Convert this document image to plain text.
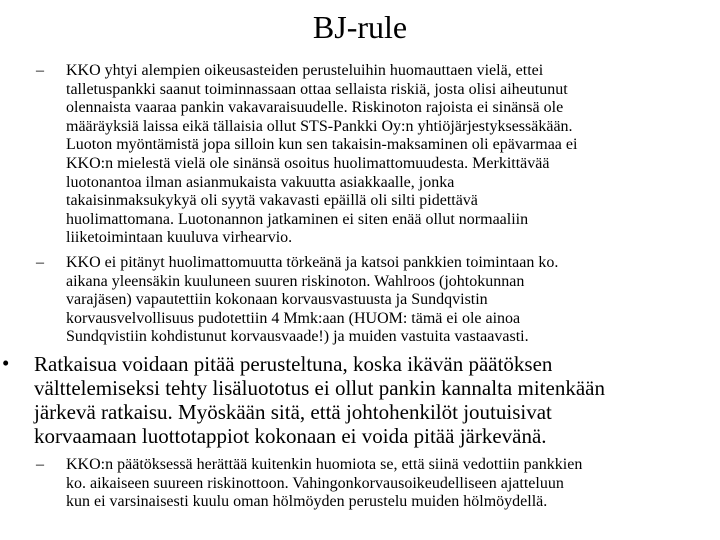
BJ-rule
– KKO yhtyi alempien oikeusasteiden perusteluihin huomauttaen vielä, ettei
talletuspankki saanut toiminnassaan ottaa sellaista riskiä, josta olisi aiheutunut
olennaista vaaraa pankin vakavaraisuudelle. Riskinoton rajoista ei sinänsä ole
määräyksiä laissa eikä tällaisia ollut STS‑Pankki Oy:n yhtiöjärjestyksessäkään.
Luoton myöntämistä jopa silloin kun sen takaisin-maksaminen oli epävarmaa ei
KKO:n mielestä vielä ole sinänsä osoitus huolimattomuudesta. Merkittävää
luotonantoa ilman asianmukaista vakuutta asiakkaalle, jonka
takaisinmaksukykyä oli syytä vakavasti epäillä oli silti pidettävä
huolimattomana. Luotonannon jatkaminen ei siten enää ollut normaaliin
liiketoimintaan kuuluva virhearvio.
– KKO ei pitänyt huolimattomuutta törkeänä ja katsoi pankkien toimintaan ko.
aikana yleensäkin kuuluneen suuren riskinoton. Wahlroos (johtokunnan
varajäsen) vapautettiin kokonaan korvausvastuusta ja Sundqvistin
korvausvelvollisuus pudotettiin 4 Mmk:aan (HUOM: tämä ei ole ainoa
Sundqvistiin kohdistunut korvausvaade!) ja muiden vastuita vastaavasti.
• Ratkaisua voidaan pitää perusteltuna, koska ikävän päätöksen
välttelemiseksi tehty lisäluototus ei ollut pankin kannalta mitenkään
järkevä ratkaisu. Myöskään sitä, että johtohenkilöt joutuisivat
korvaamaan luottotappiot kokonaan ei voida pitää järkevänä.
– KKO:n päätöksessä herättää kuitenkin huomiota se, että siinä vedottiin pankkien
ko. aikaiseen suureen riskinottoon. Vahingonkorvausoikeudelliseen ajatteluun
kun ei varsinaisesti kuulu oman hölmöyden perustelu muiden hölmöydellä.
